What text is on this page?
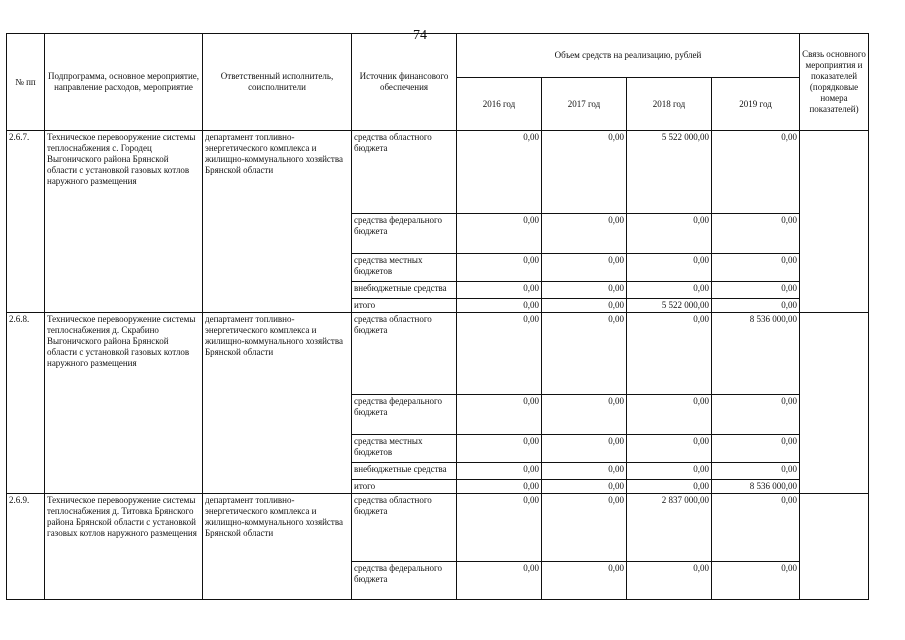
74
№ пп	Подпрограмма, основное мероприятие, направление расходов, мероприятие	Ответственный исполнитель, соисполнители	Источник финансового обеспечения	Объем средств на реализацию, рублей				Связь основного мероприятия и показателей (порядковые номера показателей)
				2016 год	2017 год	2018 год	2019 год	
2.6.7.	Техническое перевооружение системы теплоснабжения с. Городец Выгоничского района Брянской области с установкой газовых котлов наружного размещения	департамент топливно-энергетического комплекса и жилищно-коммунального хозяйства Брянской области	средства областного бюджета	0,00	0,00	5 522 000,00	0,00	
			средства федерального бюджета	0,00	0,00	0,00	0,00	
			средства местных бюджетов	0,00	0,00	0,00	0,00	
			внебюджетные средства	0,00	0,00	0,00	0,00	
			итого	0,00	0,00	5 522 000,00	0,00	
2.6.8.	Техническое перевооружение системы теплоснабжения д. Скрабино Выгоничского района Брянской области с установкой газовых котлов наружного размещения	департамент топливно-энергетического комплекса и жилищно-коммунального хозяйства Брянской области	средства областного бюджета	0,00	0,00	0,00	8 536 000,00	
			средства федерального бюджета	0,00	0,00	0,00	0,00	
			средства местных бюджетов	0,00	0,00	0,00	0,00	
			внебюджетные средства	0,00	0,00	0,00	0,00	
			итого	0,00	0,00	0,00	8 536 000,00	
2.6.9.	Техническое перевооружение системы теплоснабжения д. Титовка Брянского района Брянской области с установкой газовых котлов наружного размещения	департамент топливно-энергетического комплекса и жилищно-коммунального хозяйства Брянской области	средства областного бюджета	0,00	0,00	2 837 000,00	0,00	
			средства федерального бюджета	0,00	0,00	0,00	0,00	
